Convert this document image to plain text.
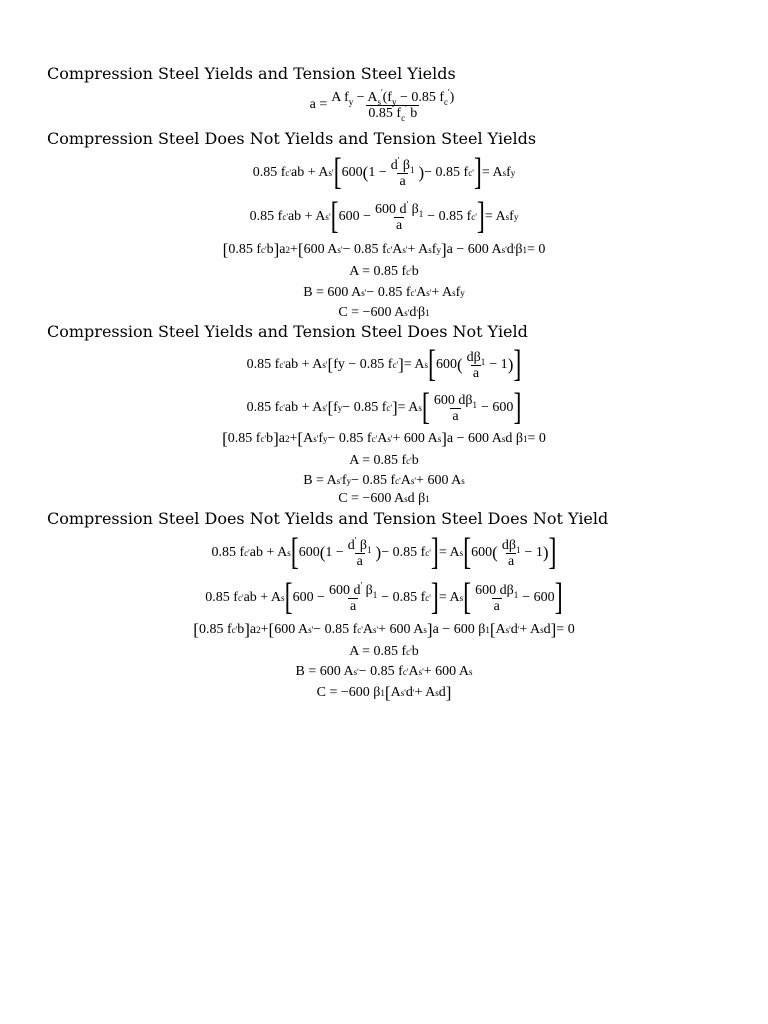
Compression Steel Yields and Tension Steel Yields
$a = \frac{A f_y - A_s'(f_y - 0.85 f_c')}{0.85 f_c' b}$
Compression Steel Does Not Yields and Tension Steel Yields
0.85 f c ' ab + A s ' [ 600 ( $1 - \frac{d' \beta_1}{a}$ ) − 0.85 f c ' ] = A s f y
0.85 f c ' ab + A s ' [ $600 - \frac{600 d' \beta_1}{a} - 0.85$ f c ' ] = A s f y
[ 0.85 f c ' b ] a 2 + [ 600 A s ' − 0.85 f c ' A s ' + A s f y ] a − 600 A s ' d ' β 1 = 0
A = 0.85 f c ' b
B = 600 A s ' − 0.85 f c ' A s ' + A s f y
C = −600 A s ' d ' β 1
Compression Steel Yields and Tension Steel Does Not Yield
0.85 f c ' ab + A s ' [ fy − 0.85 f c ' ] = A s [ 600 ( $\frac{d\beta_1}{a} - 1$ ) ]
0.85 f c ' ab + A s ' [ f y − 0.85 f c ' ] = A s [ $\frac{600 d\beta_1}{a} - 600$ ]
[ 0.85 f c ' b ] a 2 + [ A s ' f y − 0.85 f c ' A s ' + 600 A s ] a − 600 A s d β 1 = 0
A = 0.85 f c ' b
B = A s ' f y − 0.85 f c ' A s ' + 600 A s
C = −600 A s d β 1
Compression Steel Does Not Yields and Tension Steel Does Not Yield
0.85 f c ' ab + A s [ 600 ( $1 - \frac{d' \beta_1}{a}$ ) − 0.85 f c ' ] = A s [ 600 ( $\frac{d\beta_1}{a} - 1$ ) ]
0.85 f c ' ab + A s [ $600 - \frac{600 d' \beta_1}{a} - 0.85$ f c ' ] = A s [ $\frac{600 d\beta_1}{a} - 600$ ]
[ 0.85 f c ' b ] a 2 + [ 600 A s ' − 0.85 f c ' A s ' + 600 A s ] a − 600 β 1 [ A s ' d ' + A s d ] = 0
A = 0.85 f c ' b
B = 600 A s ' − 0.85 f c ' A s ' + 600 A s
C = −600 β 1 [ A s ' d ' + A s d ]
